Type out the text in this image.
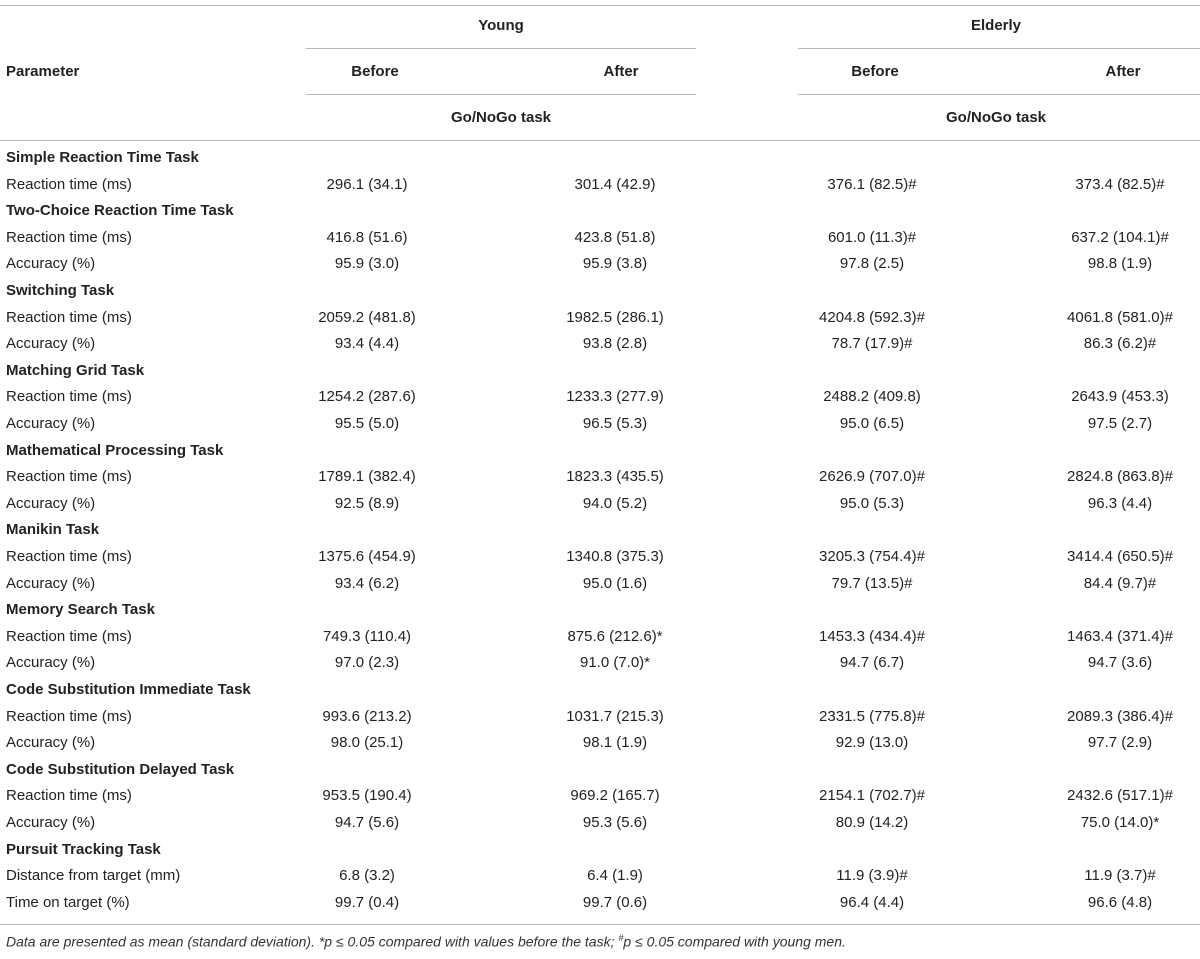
Young	Elderly
Parameter	Before	After	Before	After
Go/NoGo task	Go/NoGo task
Simple Reaction Time Task
Reaction time (ms)	296.1 (34.1)	301.4 (42.9)	376.1 (82.5)#	373.4 (82.5)#
Two-Choice Reaction Time Task
Reaction time (ms)	416.8 (51.6)	423.8 (51.8)	601.0 (11.3)#	637.2 (104.1)#
Accuracy (%)	95.9 (3.0)	95.9 (3.8)	97.8 (2.5)	98.8 (1.9)
Switching Task
Reaction time (ms)	2059.2 (481.8)	1982.5 (286.1)	4204.8 (592.3)#	4061.8 (581.0)#
Accuracy (%)	93.4 (4.4)	93.8 (2.8)	78.7 (17.9)#	86.3 (6.2)#
Matching Grid Task
Reaction time (ms)	1254.2 (287.6)	1233.3 (277.9)	2488.2 (409.8)	2643.9 (453.3)
Accuracy (%)	95.5 (5.0)	96.5 (5.3)	95.0 (6.5)	97.5 (2.7)
Mathematical Processing Task
Reaction time (ms)	1789.1 (382.4)	1823.3 (435.5)	2626.9 (707.0)#	2824.8 (863.8)#
Accuracy (%)	92.5 (8.9)	94.0 (5.2)	95.0 (5.3)	96.3 (4.4)
Manikin Task
Reaction time (ms)	1375.6 (454.9)	1340.8 (375.3)	3205.3 (754.4)#	3414.4 (650.5)#
Accuracy (%)	93.4 (6.2)	95.0 (1.6)	79.7 (13.5)#	84.4 (9.7)#
Memory Search Task
Reaction time (ms)	749.3 (110.4)	875.6 (212.6)*	1453.3 (434.4)#	1463.4 (371.4)#
Accuracy (%)	97.0 (2.3)	91.0 (7.0)*	94.7 (6.7)	94.7 (3.6)
Code Substitution Immediate Task
Reaction time (ms)	993.6 (213.2)	1031.7 (215.3)	2331.5 (775.8)#	2089.3 (386.4)#
Accuracy (%)	98.0 (25.1)	98.1 (1.9)	92.9 (13.0)	97.7 (2.9)
Code Substitution Delayed Task
Reaction time (ms)	953.5 (190.4)	969.2 (165.7)	2154.1 (702.7)#	2432.6 (517.1)#
Accuracy (%)	94.7 (5.6)	95.3 (5.6)	80.9 (14.2)	75.0 (14.0)*
Pursuit Tracking Task
Distance from target (mm)	6.8 (3.2)	6.4 (1.9)	11.9 (3.9)#	11.9 (3.7)#
Time on target (%)	99.7 (0.4)	99.7 (0.6)	96.4 (4.4)	96.6 (4.8)
Data are presented as mean (standard deviation). *p ≤ 0.05 compared with values before the task; #p ≤ 0.05 compared with young men.
